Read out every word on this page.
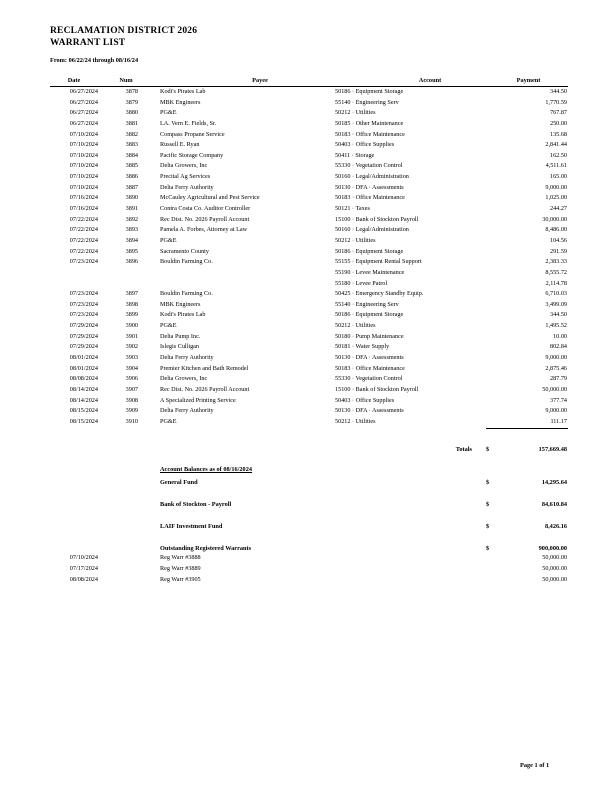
RECLAMATION DISTRICT 2026
WARRANT LIST
From: 06/22/24 through 08/16/24
Date	Num	Payee	Account	Payment
06/27/2024	3878	Kodi's Pirates Lab	50186 · Equipment Storage	344.50
06/27/2024	3879	MBK Engineers	55140 · Engineering Serv	1,770.59
06/27/2024	3880	PG&E	50212 · Utilities	767.87
06/27/2024	3881	LA. Vern E. Fields, Sr.	50185 · Other Maintenance	250.00
07/10/2024	3882	Compass Propane Service	50183 · Office Maintenance	135.68
07/10/2024	3883	Russell E. Ryan	50403 · Office Supplies	2,841.44
07/10/2024	3884	Pacific Storage Company	50411 · Storage	162.50
07/10/2024	3885	Delta Growers, Inc	55330 · Vegetation Control	4,511.61
07/10/2024	3886	Precital Ag Services	50160 · Legal/Administration	165.00
07/10/2024	3887	Delta Ferry Authority	50130 · DFA · Assessments	9,000.00
07/16/2024	3890	McCauley Agricultural and Pest Service	50183 · Office Maintenance	1,025.00
07/16/2024	3891	Contra Costa Co. Auditor Controller	50121 · Taxes	244.27
07/22/2024	3892	Rec Dist. No. 2026 Payroll Account	15100 · Bank of Stockton Payroll	30,000.00
07/22/2024	3893	Pamela A. Forbes, Attorney at Law	50160 · Legal/Administration	8,486.00
07/22/2024	3894	PG&E	50212 · Utilities	104.56
07/22/2024	3895	Sacramento County	50186 · Equipment Storage	291.59
07/23/2024	3896	Bouldin Farming Co.	55155 · Equipment Rental Support	2,383.33
55190 · Levee Maintenance	8,555.72
55180 · Levee Patrol	2,114.78
07/23/2024	3897	Bouldin Farming Co.	50425 · Emergency Standby Equip.	6,710.03
07/23/2024	3898	MBK Engineers	55140 · Engineering Serv	3,499.09
07/23/2024	3899	Kodi's Pirates Lab	50186 · Equipment Storage	344.50
07/29/2024	3900	PG&E	50212 · Utilities	1,495.52
07/29/2024	3901	Delta Pump Inc.	50180 · Pump Maintenance	10.00
07/29/2024	3902	Islegis Culligan	50181 · Water Supply	802.84
08/01/2024	3903	Delta Ferry Authority	50130 · DFA · Assessments	9,000.00
08/01/2024	3904	Premier Kitchen and Bath Remodel	50183 · Office Maintenance	2,875.46
08/08/2024	3906	Delta Growers, Inc	55330 · Vegetation Control	287.79
08/14/2024	3907	Rec Dist. No. 2026 Payroll Account	15100 · Bank of Stockton Payroll	50,000.00
08/14/2024	3908	A Specialized Printing Service	50403 · Office Supplies	377.74
08/15/2024	3909	Delta Ferry Authority	50130 · DFA · Assessments	9,000.00
08/15/2024	3910	PG&E	50212 · Utilities	111.17
Totals $	157,669.48
Account Balances as of 08/16/2024
General Fund	$	14,295.64
Bank of Stockton - Payroll	$	84,610.84
LAIF Investment Fund	$	8,426.16
Outstanding Registered Warrants	$	900,000.00
07/10/2024	Reg Warr #3888	50,000.00
07/17/2024	Reg Warr #3889	50,000.00
08/08/2024	Reg Warr #3905	50,000.00
Page 1 of 1
